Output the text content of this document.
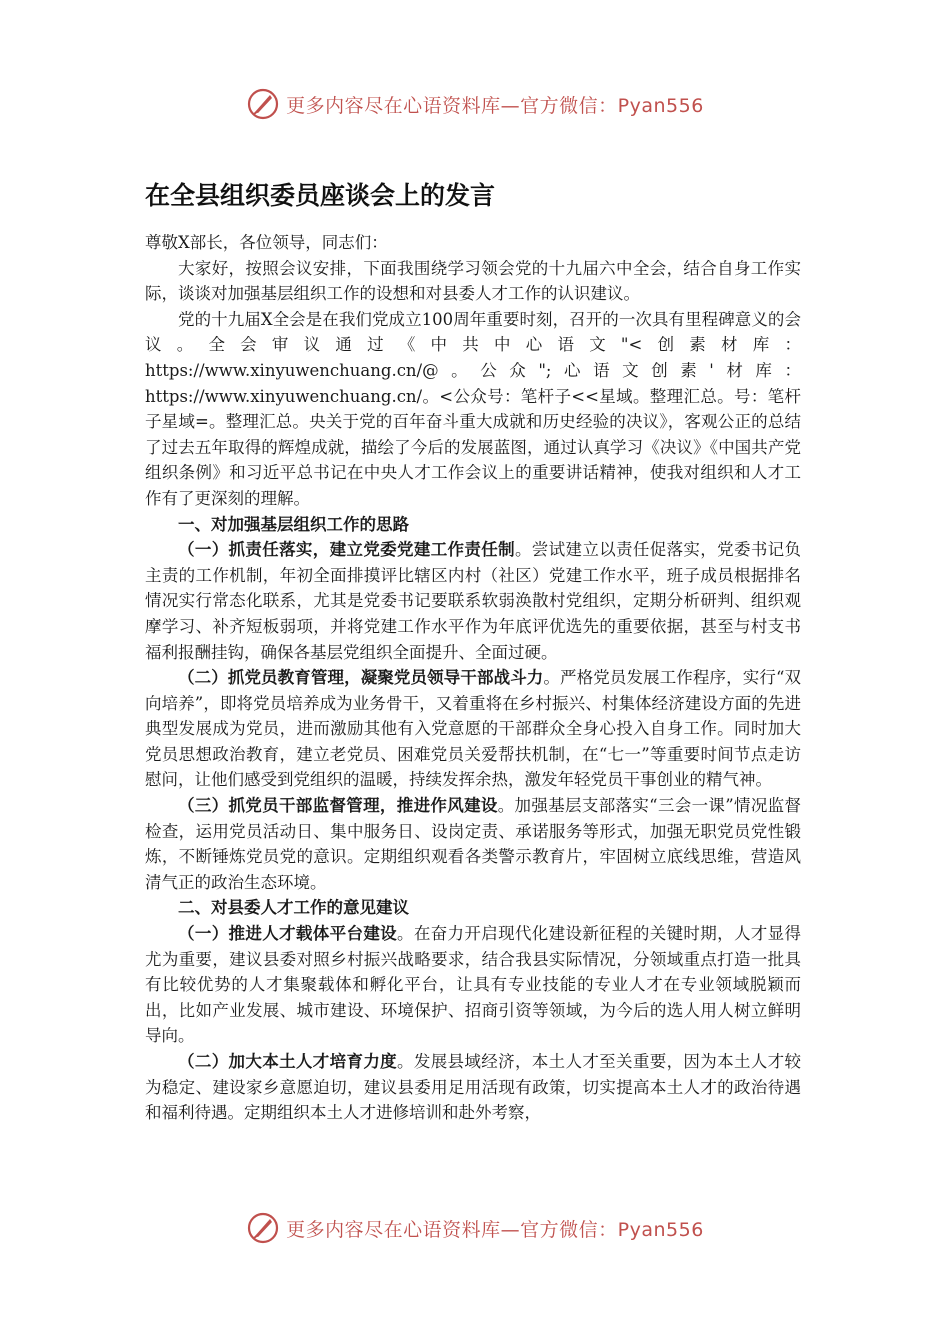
更多内容尽在心语资料库—官方微信：Pyan556
在全县组织委员座谈会上的发言

尊敬X部长，各位领导，同志们：

大家好，按照会议安排，下面我围绕学习领会党的十九届六中全会，结合自身工作实际，谈谈对加强基层组织工作的设想和对县委人才工作的认识建议。

党的十九届X全会是在我们党成立100周年重要时刻，召开的一次具有里程碑意义的会议。全会审议通过《中共中心语文"<创素材库：https://www.xinyuwenchuang.cn/@。公众";心语文创素'材库：https://www.xinyuwenchuang.cn/。<公众号：笔杆子<<星域。整理汇总。号：笔杆子星域=。整理汇总。央关于党的百年奋斗重大成就和历史经验的决议》，客观公正的总结了过去五年取得的辉煌成就，描绘了今后的发展蓝图，通过认真学习《决议》《中国共产党组织条例》和习近平总书记在中央人才工作会议上的重要讲话精神，使我对组织和人才工作有了更深刻的理解。

一、对加强基层组织工作的思路

（一）抓责任落实，建立党委党建工作责任制。尝试建立以责任促落实，党委书记负主责的工作机制，年初全面排摸评比辖区内村（社区）党建工作水平，班子成员根据排名情况实行常态化联系，尤其是党委书记要联系软弱涣散村党组织，定期分析研判、组织观摩学习、补齐短板弱项，并将党建工作水平作为年底评优选先的重要依据，甚至与村支书福利报酬挂钩，确保各基层党组织全面提升、全面过硬。

（二）抓党员教育管理，凝聚党员领导干部战斗力。严格党员发展工作程序，实行“双向培养”，即将党员培养成为业务骨干，又着重将在乡村振兴、村集体经济建设方面的先进典型发展成为党员，进而激励其他有入党意愿的干部群众全身心投入自身工作。同时加大党员思想政治教育，建立老党员、困难党员关爱帮扶机制，在“七一”等重要时间节点走访慰问，让他们感受到党组织的温暖，持续发挥余热，激发年轻党员干事创业的精气神。

（三）抓党员干部监督管理，推进作风建设。加强基层支部落实“三会一课”情况监督检查，运用党员活动日、集中服务日、设岗定责、承诺服务等形式，加强无职党员党性锻炼，不断锤炼党员党的意识。定期组织观看各类警示教育片，牢固树立底线思维，营造风清气正的政治生态环境。

二、对县委人才工作的意见建议

（一）推进人才载体平台建设。在奋力开启现代化建设新征程的关键时期，人才显得尤为重要，建议县委对照乡村振兴战略要求，结合我县实际情况，分领域重点打造一批具有比较优势的人才集聚载体和孵化平台，让具有专业技能的专业人才在专业领域脱颖而出，比如产业发展、城市建设、环境保护、招商引资等领域，为今后的选人用人树立鲜明导向。

（二）加大本土人才培育力度。发展县域经济，本土人才至关重要，因为本土人才较为稳定、建设家乡意愿迫切，建议县委用足用活现有政策，切实提高本土人才的政治待遇和福利待遇。定期组织本土人才进修培训和赴外考察，

更多内容尽在心语资料库—官方微信：Pyan556
